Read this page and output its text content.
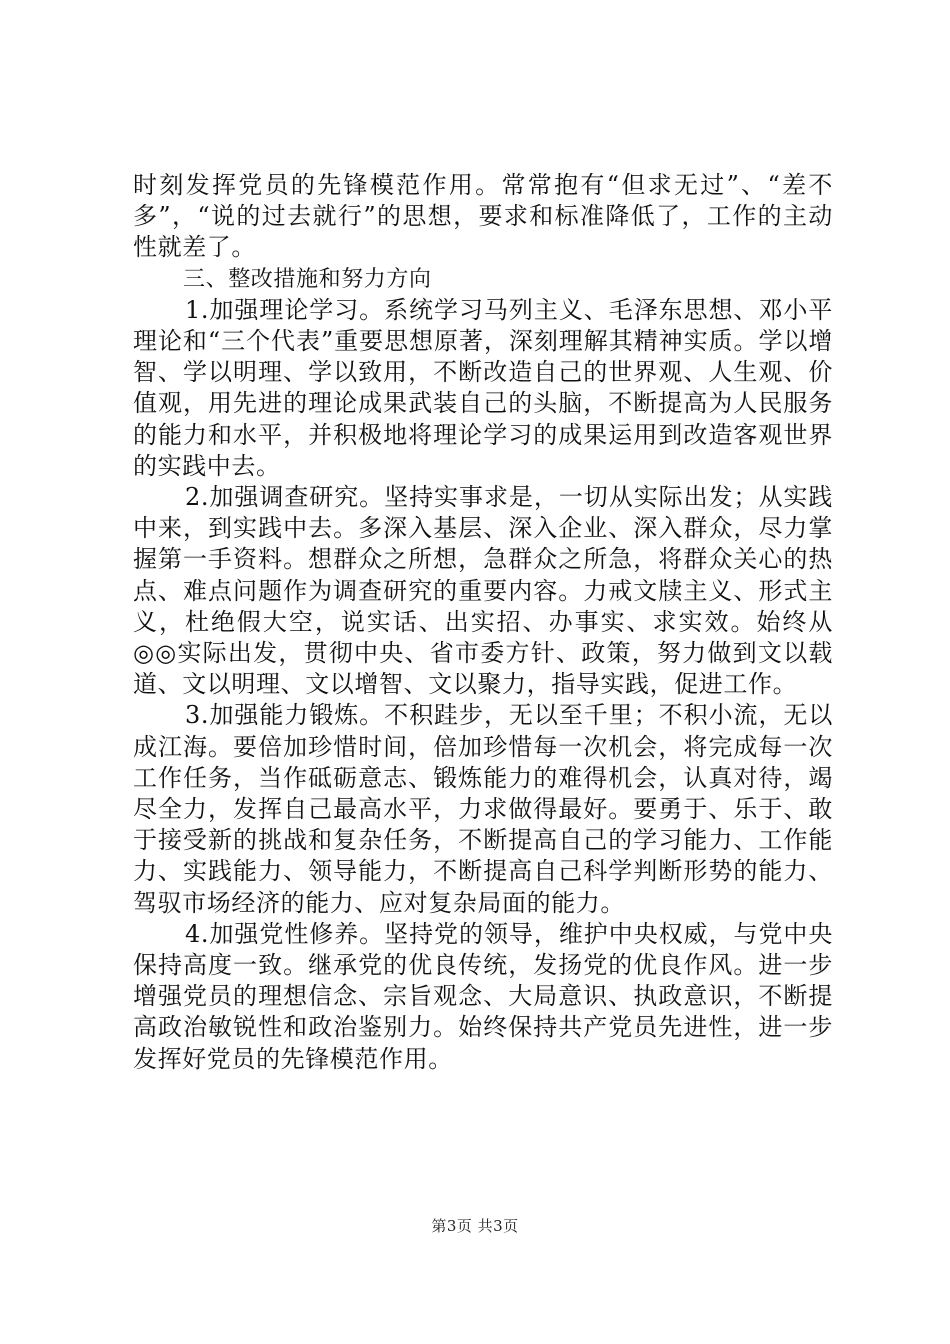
时刻发挥党员的先锋模范作用。常常抱有“但求无过”、“差不多”，“说的过去就行”的思想，要求和标准降低了，工作的主动性就差了。

三、整改措施和努力方向

1.加强理论学习。系统学习马列主义、毛泽东思想、邓小平理论和“三个代表”重要思想原著，深刻理解其精神实质。学以增智、学以明理、学以致用，不断改造自己的世界观、人生观、价值观，用先进的理论成果武装自己的头脑，不断提高为人民服务的能力和水平，并积极地将理论学习的成果运用到改造客观世界的实践中去。

2.加强调查研究。坚持实事求是，一切从实际出发；从实践中来，到实践中去。多深入基层、深入企业、深入群众，尽力掌握第一手资料。想群众之所想，急群众之所急，将群众关心的热点、难点问题作为调查研究的重要内容。力戒文牍主义、形式主义，杜绝假大空，说实话、出实招、办事实、求实效。始终从◎◎实际出发，贯彻中央、省市委方针、政策，努力做到文以载道、文以明理、文以增智、文以聚力，指导实践，促进工作。

3.加强能力锻炼。不积跬步，无以至千里；不积小流，无以成江海。要倍加珍惜时间，倍加珍惜每一次机会，将完成每一次工作任务，当作砥砺意志、锻炼能力的难得机会，认真对待，竭尽全力，发挥自己最高水平，力求做得最好。要勇于、乐于、敢于接受新的挑战和复杂任务，不断提高自己的学习能力、工作能力、实践能力、领导能力，不断提高自己科学判断形势的能力、驾驭市场经济的能力、应对复杂局面的能力。

4.加强党性修养。坚持党的领导，维护中央权威，与党中央保持高度一致。继承党的优良传统，发扬党的优良作风。进一步增强党员的理想信念、宗旨观念、大局意识、执政意识，不断提高政治敏锐性和政治鉴别力。始终保持共产党员先进性，进一步发挥好党员的先锋模范作用。

第3页 共3页
